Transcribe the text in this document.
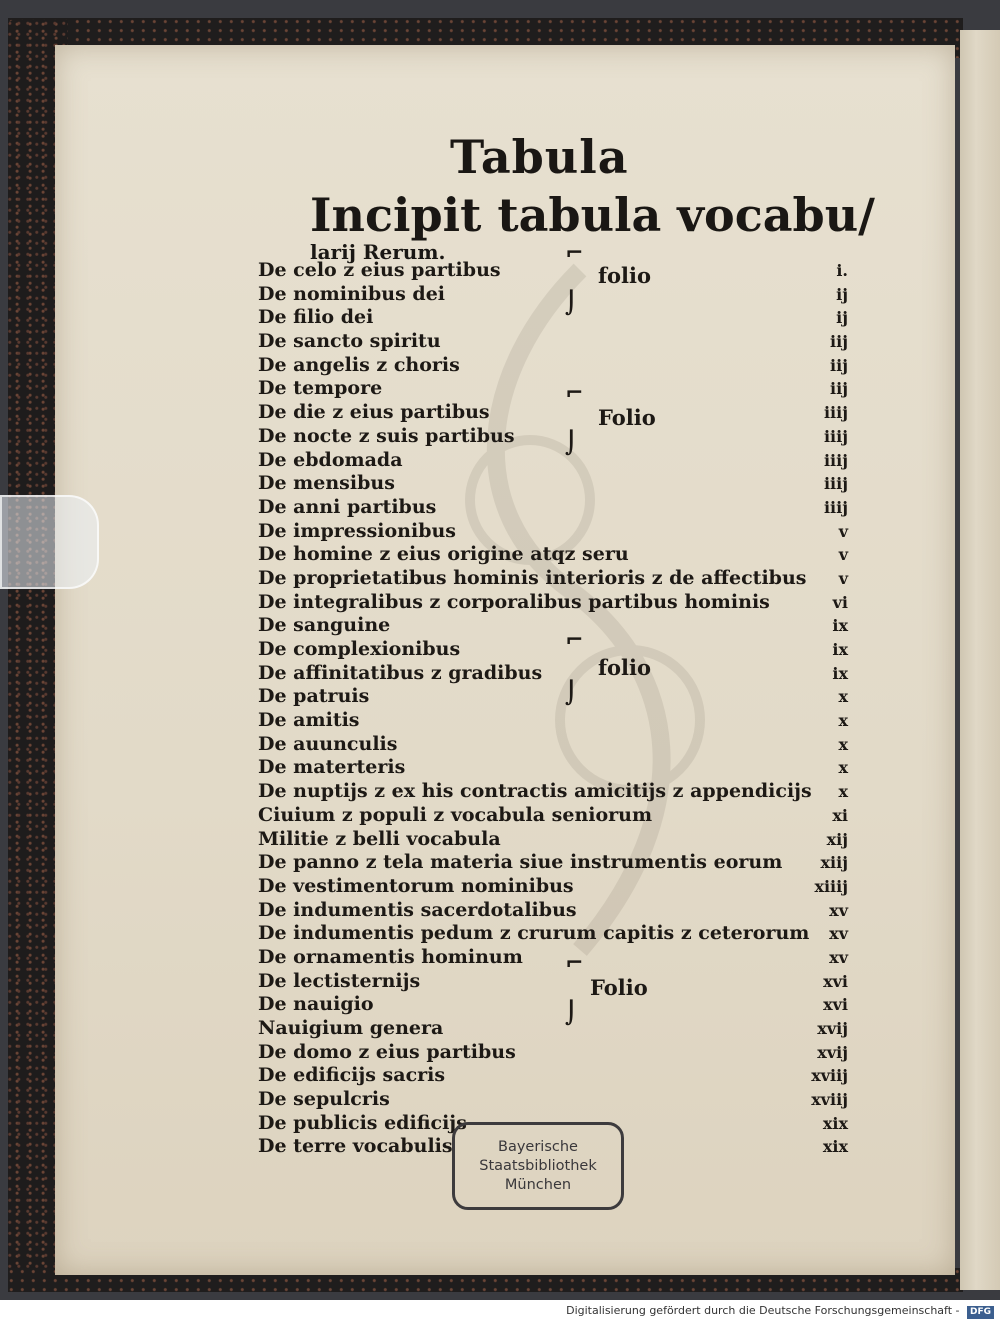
Tabula
Incipit tabula vocabu/
larij Rerum.
De celo z eius partibus	i.
De nominibus dei	ij
De filio dei	ij
De sancto spiritu	iij
De angelis z choris	iij
De tempore	iij
De die z eius partibus	iiij
De nocte z suis partibus	iiij
De ebdomada	iiij
De mensibus	iiij
De anni partibus	iiij
De impressionibus	v
De homine z eius origine atqz seru	v
De proprietatibus hominis interioris z de affectibus	v
De integralibus z corporalibus partibus hominis	vi
De sanguine	ix
De complexionibus	ix
De affinitatibus z gradibus	ix
De patruis	x
De amitis	x
De auunculis	x
De materteris	x
De nuptijs z ex his contractis amicitijs z appendicijs	x
Ciuium z populi z vocabula seniorum	xi
Militie z belli vocabula	xij
De panno z tela materia siue instrumentis eorum	xiij
De vestimentorum nominibus	xiiij
De indumentis sacerdotalibus	xv
De indumentis pedum z crurum capitis z ceterorum	xv
De ornamentis hominum	xv
De lectisternijs	xvi
De nauigio	xvi
Nauigium genera	xvij
De domo z eius partibus	xvij
De edificijs sacris	xviij
De sepulcris	xviij
De publicis edificijs	xix
De terre vocabulis	xix
⌐
⌡
folio
⌐
⌡
Folio
⌐
⌡
folio
⌐
⌡
Folio
Bayerische
Staatsbibliothek
München
Digitalisierung gefördert durch die Deutsche Forschungsgemeinschaft - DFG
